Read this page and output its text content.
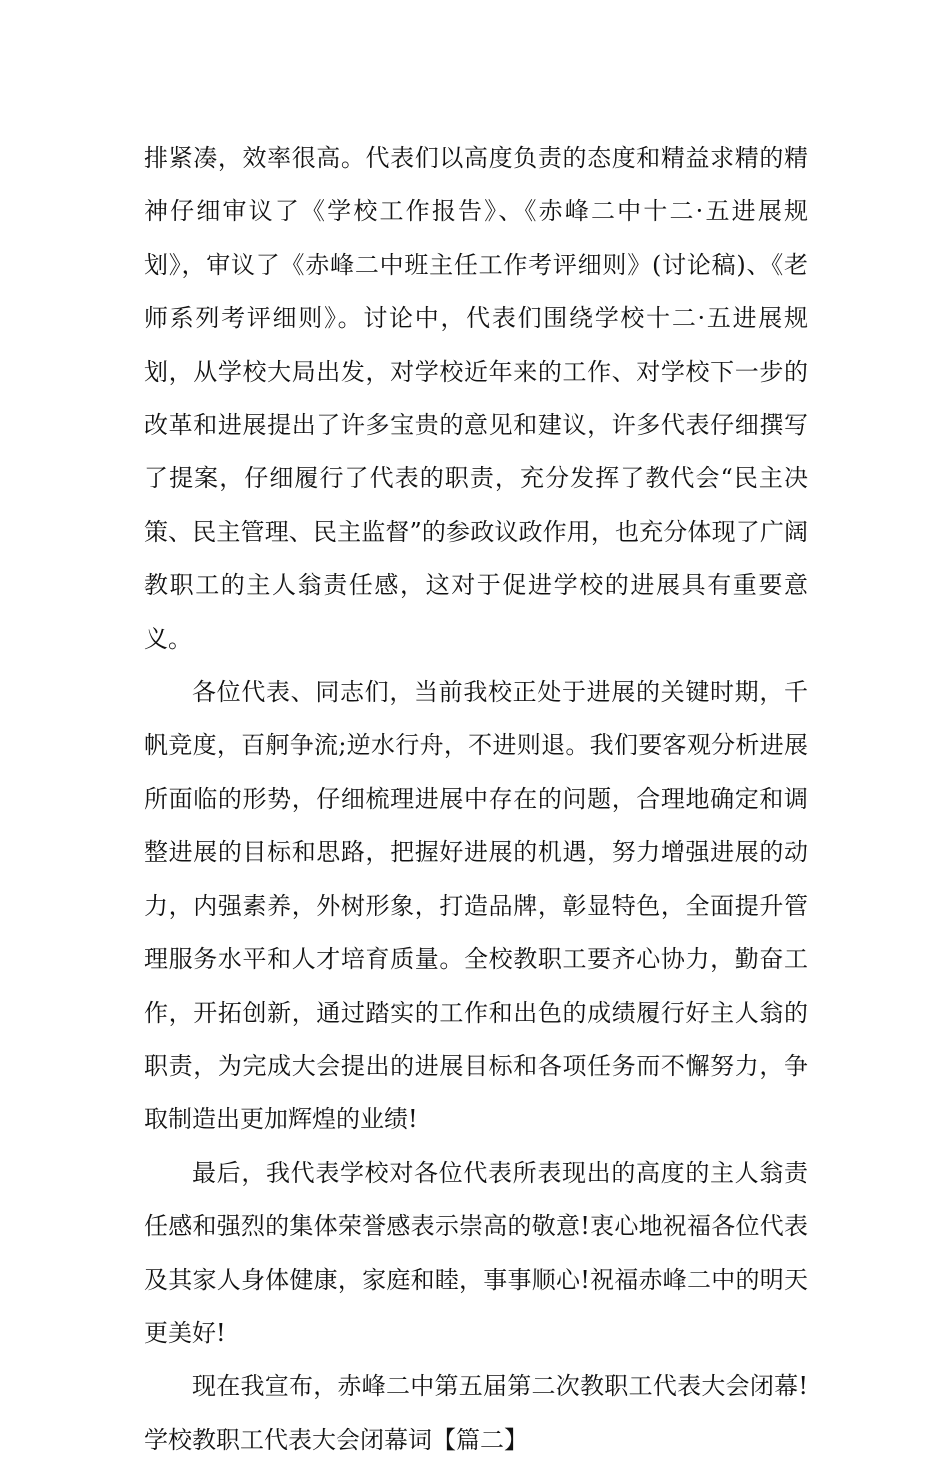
排紧凑，效率很高。代表们以高度负责的态度和精益求精的精神仔细审议了《学校工作报告》、《赤峰二中十二·五进展规划》，审议了《赤峰二中班主任工作考评细则》(讨论稿)、《老师系列考评细则》。讨论中，代表们围绕学校十二·五进展规划，从学校大局出发，对学校近年来的工作、对学校下一步的改革和进展提出了许多宝贵的意见和建议，许多代表仔细撰写了提案，仔细履行了代表的职责，充分发挥了教代会“民主决策、民主管理、民主监督”的参政议政作用，也充分体现了广阔教职工的主人翁责任感，这对于促进学校的进展具有重要意义。

各位代表、同志们，当前我校正处于进展的关键时期，千帆竞度，百舸争流;逆水行舟，不进则退。我们要客观分析进展所面临的形势，仔细梳理进展中存在的问题，合理地确定和调整进展的目标和思路，把握好进展的机遇，努力增强进展的动力，内强素养，外树形象，打造品牌，彰显特色，全面提升管理服务水平和人才培育质量。全校教职工要齐心协力，勤奋工作，开拓创新，通过踏实的工作和出色的成绩履行好主人翁的职责，为完成大会提出的进展目标和各项任务而不懈努力，争取制造出更加辉煌的业绩!

最后，我代表学校对各位代表所表现出的高度的主人翁责任感和强烈的集体荣誉感表示崇高的敬意!衷心地祝福各位代表及其家人身体健康，家庭和睦，事事顺心!祝福赤峰二中的明天更美好!

现在我宣布，赤峰二中第五届第二次教职工代表大会闭幕!学校教职工代表大会闭幕词【篇二】
